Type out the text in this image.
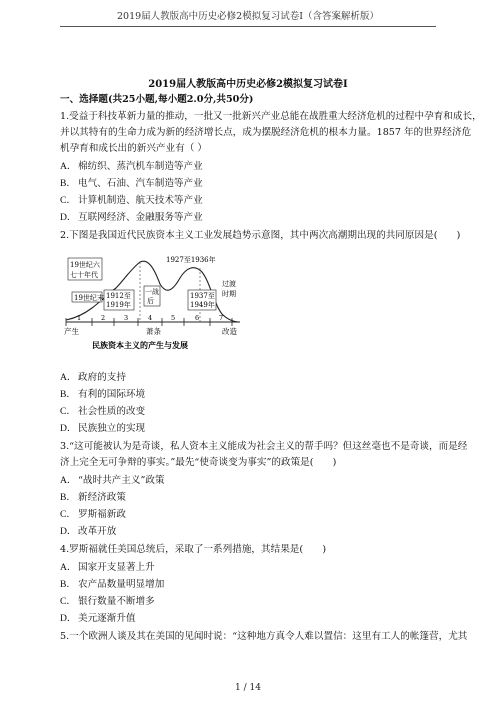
2019届人教版高中历史必修2模拟复习试卷Ⅰ（含答案解析版）
2019届人教版高中历史必修2模拟复习试卷Ⅰ
一、选择题(共25小题,每小题2.0分,共50分)
1.受益于科技革新力量的推动，一批又一批新兴产业总能在战胜重大经济危机的过程中孕育和成长，
并以其特有的生命力成为新的经济增长点，成为摆脱经济危机的根本力量。1857 年的世界经济危
机孕育和成长出的新兴产业有（ ）
A．棉纺织、蒸汽机车制造等产业
B． 电气、石油、汽车制造等产业
C． 计算机制造、航天技术等产业
D．互联网经济、金融服务等产业
2.下图是我国近代民族资本主义工业发展趋势示意图，其中两次高潮期出现的共同原因是(　　)
19世纪六
七十年代
19世纪末 1912至
1919年
一战
后
1927至1936年
1937至
1949年
过渡
时期
1	2	3	4	5	6	7
产生	萧条	改造
民族资本主义的产生与发展
A．政府的支持
B． 有利的国际环境
C． 社会性质的改变
D．民族独立的实现
3.“这可能被认为是奇谈，私人资本主义能成为社会主义的帮手吗？但这丝毫也不是奇谈，而是经
济上完全无可争辩的事实。”最先“使奇谈变为事实”的政策是(　　)
A．“战时共产主义”政策
B． 新经济政策
C． 罗斯福新政
D．改革开放
4.罗斯福就任美国总统后，采取了一系列措施，其结果是(　　)
A．国家开支显著上升
B． 农产品数量明显增加
C． 银行数量不断增多
D．美元逐渐升值
5.一个欧洲人谈及其在美国的见闻时说：“这种地方真令人难以置信：这里有工人的帐篷营，尤其
1 / 14
